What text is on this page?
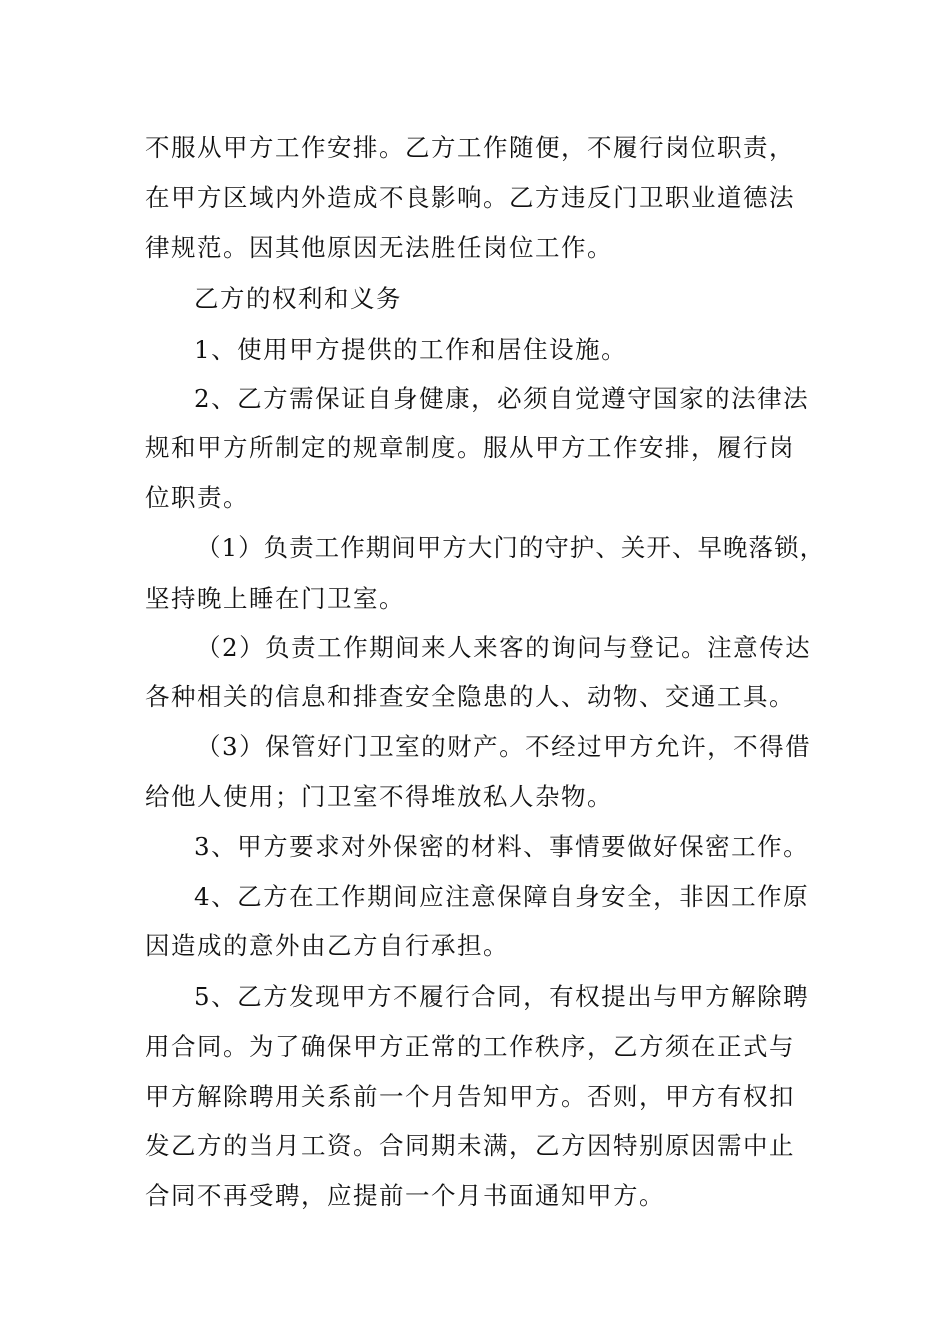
不服从甲方工作安排。乙方工作随便，不履行岗位职责，
在甲方区域内外造成不良影响。乙方违反门卫职业道德法
律规范。因其他原因无法胜任岗位工作。
乙方的权利和义务
1、使用甲方提供的工作和居住设施。
2、乙方需保证自身健康，必须自觉遵守国家的法律法
规和甲方所制定的规章制度。服从甲方工作安排，履行岗
位职责。
（1）负责工作期间甲方大门的守护、关开、早晚落锁，
坚持晚上睡在门卫室。
（2）负责工作期间来人来客的询问与登记。注意传达
各种相关的信息和排查安全隐患的人、动物、交通工具。
（3）保管好门卫室的财产。不经过甲方允许，不得借
给他人使用；门卫室不得堆放私人杂物。
3、甲方要求对外保密的材料、事情要做好保密工作。
4、乙方在工作期间应注意保障自身安全，非因工作原
因造成的意外由乙方自行承担。
5、乙方发现甲方不履行合同，有权提出与甲方解除聘
用合同。为了确保甲方正常的工作秩序，乙方须在正式与
甲方解除聘用关系前一个月告知甲方。否则，甲方有权扣
发乙方的当月工资。合同期未满，乙方因特别原因需中止
合同不再受聘，应提前一个月书面通知甲方。
